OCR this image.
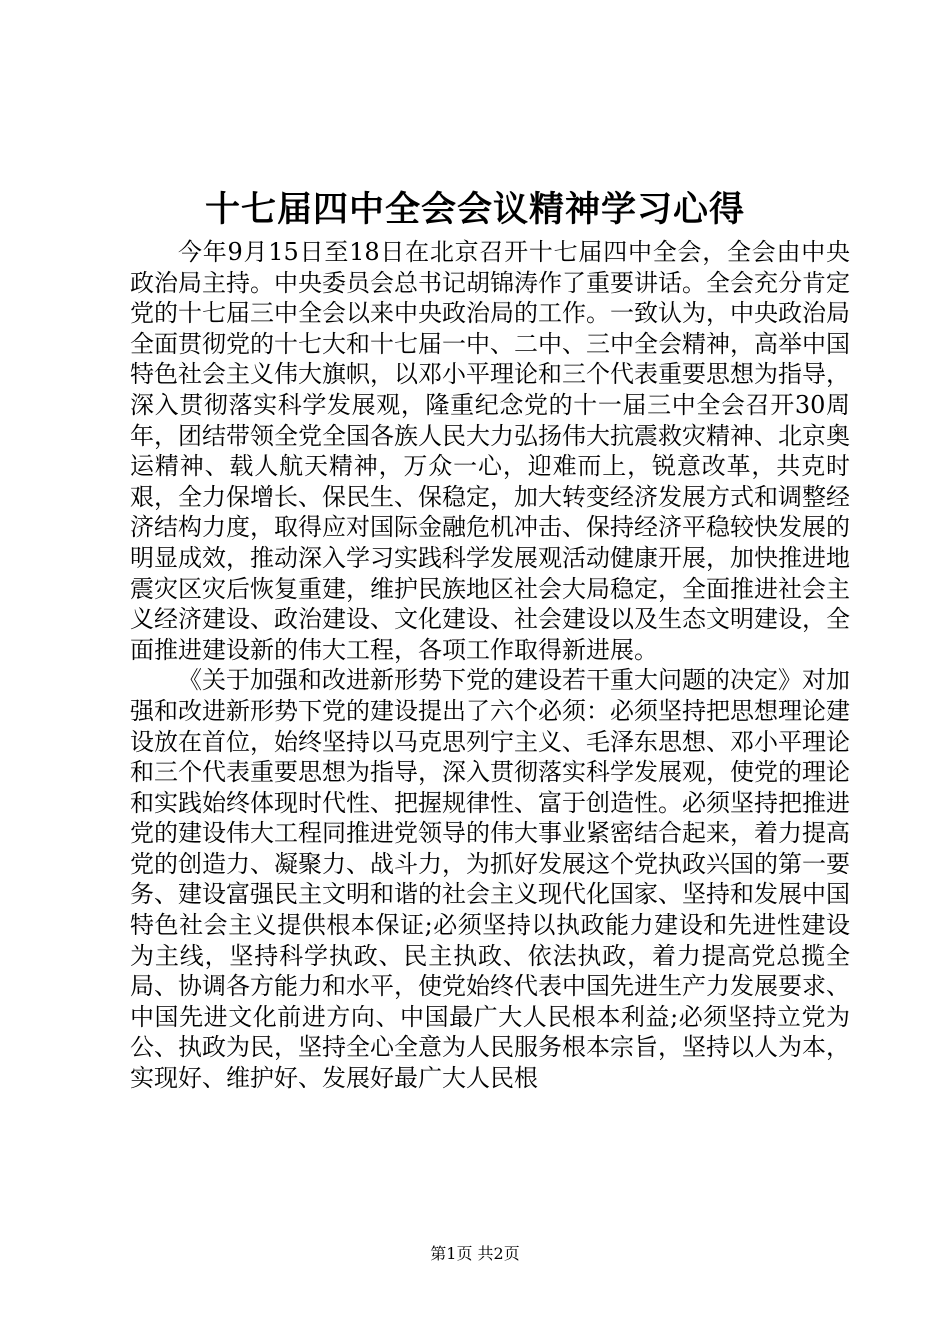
十七届四中全会会议精神学习心得

今年9月15日至18日在北京召开十七届四中全会，全会由中央政治局主持。中央委员会总书记胡锦涛作了重要讲话。全会充分肯定党的十七届三中全会以来中央政治局的工作。一致认为，中央政治局全面贯彻党的十七大和十七届一中、二中、三中全会精神，高举中国特色社会主义伟大旗帜，以邓小平理论和三个代表重要思想为指导，深入贯彻落实科学发展观，隆重纪念党的十一届三中全会召开30周年，团结带领全党全国各族人民大力弘扬伟大抗震救灾精神、北京奥运精神、载人航天精神，万众一心，迎难而上，锐意改革，共克时艰，全力保增长、保民生、保稳定，加大转变经济发展方式和调整经济结构力度，取得应对国际金融危机冲击、保持经济平稳较快发展的明显成效，推动深入学习实践科学发展观活动健康开展，加快推进地震灾区灾后恢复重建，维护民族地区社会大局稳定，全面推进社会主义经济建设、政治建设、文化建设、社会建设以及生态文明建设，全面推进建设新的伟大工程，各项工作取得新进展。

《关于加强和改进新形势下党的建设若干重大问题的决定》对加强和改进新形势下党的建设提出了六个必须：必须坚持把思想理论建设放在首位，始终坚持以马克思列宁主义、毛泽东思想、邓小平理论和三个代表重要思想为指导，深入贯彻落实科学发展观，使党的理论和实践始终体现时代性、把握规律性、富于创造性。必须坚持把推进党的建设伟大工程同推进党领导的伟大事业紧密结合起来，着力提高党的创造力、凝聚力、战斗力，为抓好发展这个党执政兴国的第一要务、建设富强民主文明和谐的社会主义现代化国家、坚持和发展中国特色社会主义提供根本保证;必须坚持以执政能力建设和先进性建设为主线，坚持科学执政、民主执政、依法执政，着力提高党总揽全局、协调各方能力和水平，使党始终代表中国先进生产力发展要求、中国先进文化前进方向、中国最广大人民根本利益;必须坚持立党为公、执政为民，坚持全心全意为人民服务根本宗旨，坚持以人为本，实现好、维护好、发展好最广大人民根

第1页 共2页
